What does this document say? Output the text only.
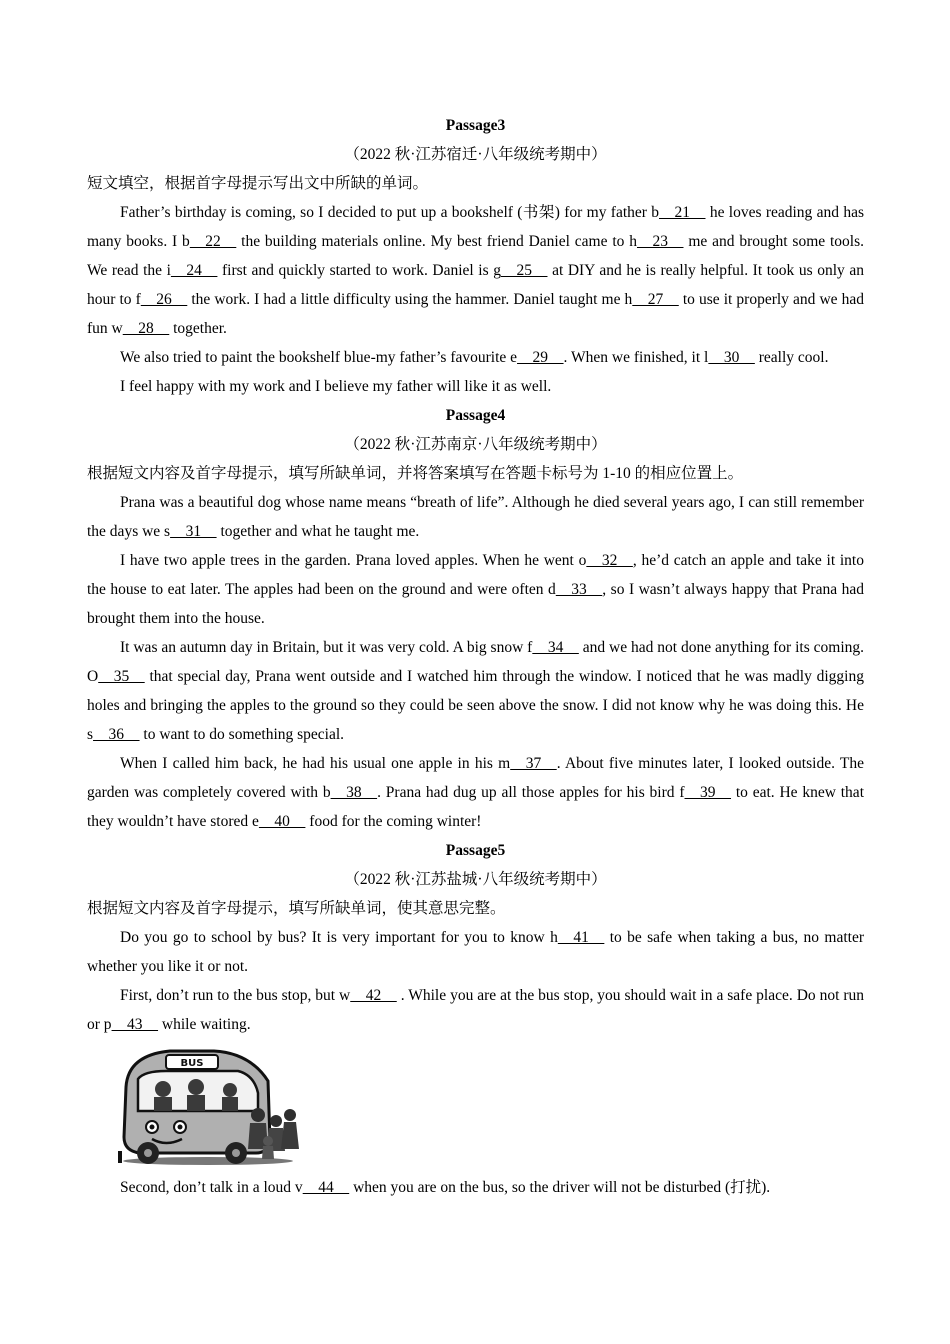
Passage3
（2022 秋·江苏宿迁·八年级统考期中）
短文填空，根据首字母提示写出文中所缺的单词。

Father’s birthday is coming, so I decided to put up a bookshelf (书架) for my father b  21   he loves reading and has many books. I b  22   the building materials online. My best friend Daniel came to h  23   me and brought some tools. We read the i  24   first and quickly started to work. Daniel is g  25   at DIY and he is really helpful. It took us only an hour to f  26   the work. I had a little difficulty using the hammer. Daniel taught me h  27   to use it properly and we had fun w  28   together.

We also tried to paint the bookshelf blue-my father’s favourite e  29  . When we finished, it l  30   really cool.

I feel happy with my work and I believe my father will like it as well.

Passage4
（2022 秋·江苏南京·八年级统考期中）
根据短文内容及首字母提示，填写所缺单词，并将答案填写在答题卡标号为 1-10 的相应位置上。

Prana was a beautiful dog whose name means “breath of life”. Although he died several years ago, I can still remember the days we s  31   together and what he taught me.

I have two apple trees in the garden. Prana loved apples. When he went o  32  , he’d catch an apple and take it into the house to eat later. The apples had been on the ground and were often d  33  , so I wasn’t always happy that Prana had brought them into the house.

It was an autumn day in Britain, but it was very cold. A big snow f  34   and we had not done anything for its coming. O  35   that special day, Prana went outside and I watched him through the window. I noticed that he was madly digging holes and bringing the apples to the ground so they could be seen above the snow. I did not know why he was doing this. He s  36   to want to do something special.

When I called him back, he had his usual one apple in his m  37  . About five minutes later, I looked outside. The garden was completely covered with b  38  . Prana had dug up all those apples for his bird f  39   to eat. He knew that they wouldn’t have stored e  40   food for the coming winter!

Passage5
（2022 秋·江苏盐城·八年级统考期中）
根据短文内容及首字母提示，填写所缺单词，使其意思完整。

Do you go to school by bus? It is very important for you to know h  41   to be safe when taking a bus, no matter whether you like it or not.

First, don’t run to the bus stop, but w  42   . While you are at the bus stop, you should wait in a safe place. Do not run or p  43   while waiting.

BUS

Second, don’t talk in a loud v  44   when you are on the bus, so the driver will not be disturbed (打扰).
